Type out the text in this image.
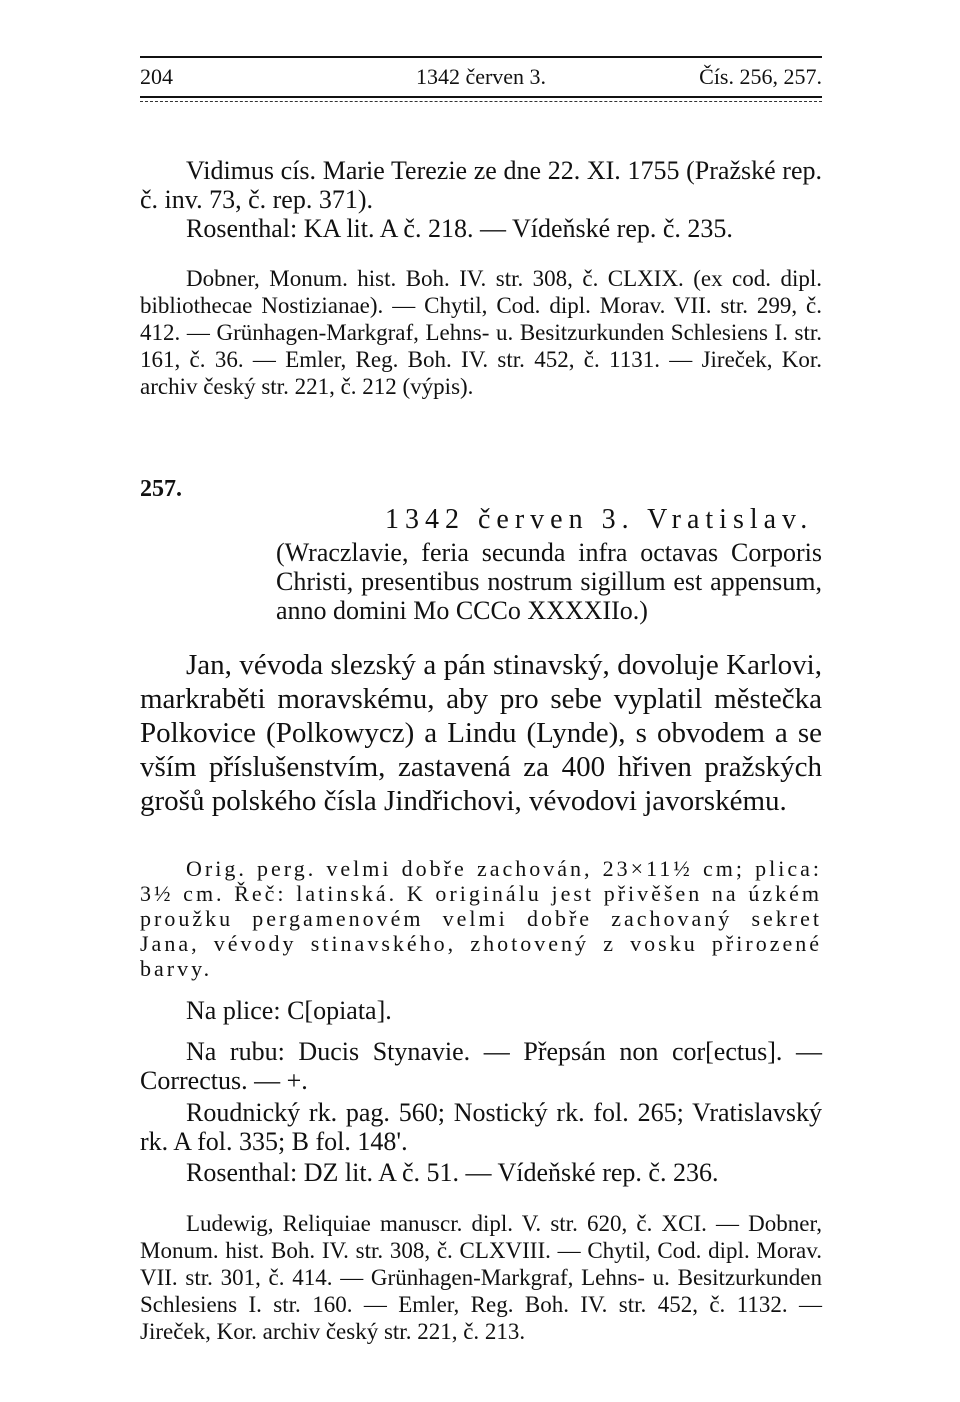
204	1342 červen 3.	Čís. 256, 257.

Vidimus cís. Marie Terezie ze dne 22. XI. 1755 (Pražské rep. č. inv. 73, č. rep. 371).

Rosenthal: KA lit. A č. 218. — Vídeňské rep. č. 235.

Dobner, Monum. hist. Boh. IV. str. 308, č. CLXIX. (ex cod. dipl. bibliothecae Nostizianae). — Chytil, Cod. dipl. Morav. VII. str. 299, č. 412. — Grünhagen-Markgraf, Lehns- u. Besitzurkunden Schlesiens I. str. 161, č. 36. — Emler, Reg. Boh. IV. str. 452, č. 1131. — Jireček, Kor. archiv český str. 221, č. 212 (výpis).

257.

1342 červen 3. Vratislav.

(Wraczlavie, feria secunda infra octavas Corporis Christi, presentibus nostrum sigillum est appensum, anno domini Mo CCCo XXXXIIo.)

Jan, vévoda slezský a pán stinavský, dovoluje Karlovi, markraběti moravskému, aby pro sebe vyplatil městečka Polkovice (Polkowycz) a Lindu (Lynde), s obvodem a se vším příslušenstvím, zastavená za 400 hřiven pražských grošů polského čísla Jindřichovi, vévodovi javorskému.

Orig. perg. velmi dobře zachován, 23×11½ cm; plica: 3½ cm. Řeč: latinská. K originálu jest přivěšen na úzkém proužku pergamenovém velmi dobře zachovaný sekret Jana, vévody stinavského, zhotovený z vosku přirozené barvy.

Na plice: C[opiata].

Na rubu: Ducis Stynavie. — Přepsán non cor[ectus]. — Correctus. — +.

Roudnický rk. pag. 560; Nostický rk. fol. 265; Vratislavský rk. A fol. 335; B fol. 148'.

Rosenthal: DZ lit. A č. 51. — Vídeňské rep. č. 236.

Ludewig, Reliquiae manuscr. dipl. V. str. 620, č. XCI. — Dobner, Monum. hist. Boh. IV. str. 308, č. CLXVIII. — Chytil, Cod. dipl. Morav. VII. str. 301, č. 414. — Grünhagen-Markgraf, Lehns- u. Besitzurkunden Schlesiens I. str. 160. — Emler, Reg. Boh. IV. str. 452, č. 1132. — Jireček, Kor. archiv český str. 221, č. 213.
